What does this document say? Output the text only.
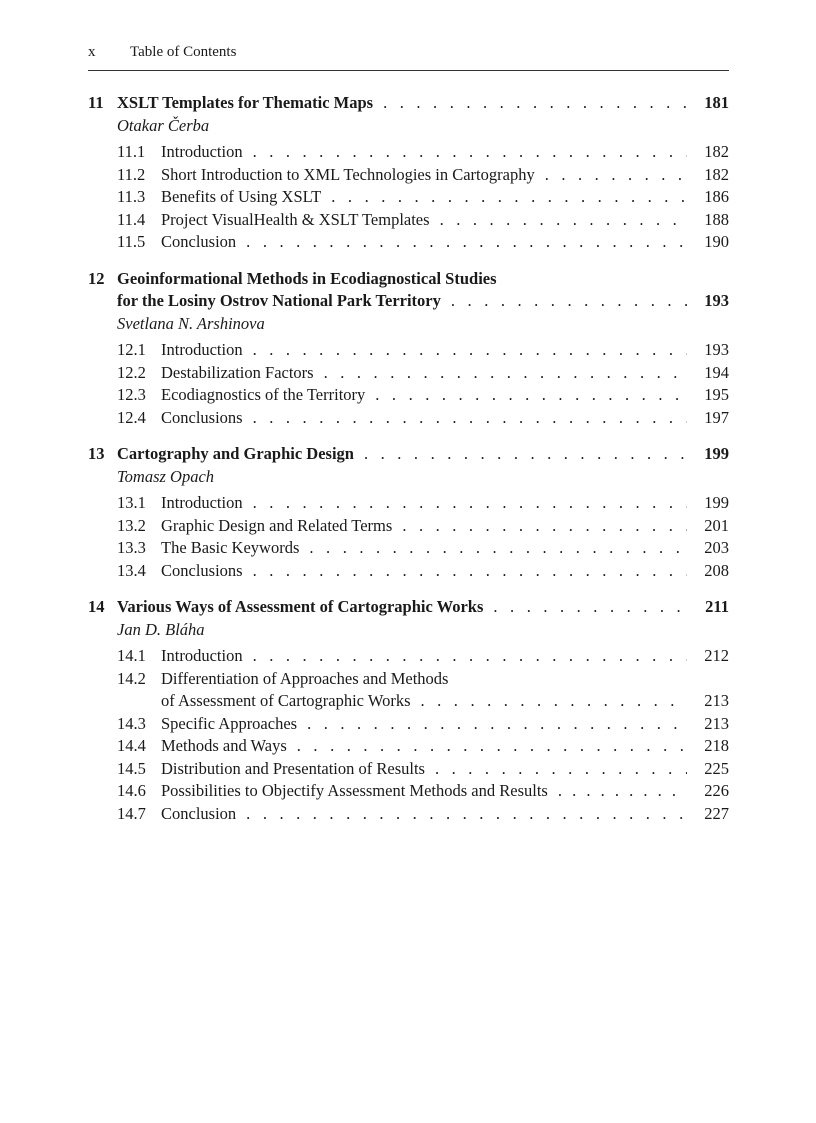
x	Table of Contents
11 XSLT Templates for Thematic Maps . . .	181
Otakar Čerba
11.1 Introduction . . .	182
11.2 Short Introduction to XML Technologies in Cartography . . .	182
11.3 Benefits of Using XSLT . . .	186
11.4 Project VisualHealth & XSLT Templates . . .	188
11.5 Conclusion . . .	190
12 Geoinformational Methods in Ecodiagnostical Studies
for the Losiny Ostrov National Park Territory . . .	193
Svetlana N. Arshinova
12.1 Introduction . . .	193
12.2 Destabilization Factors . . .	194
12.3 Ecodiagnostics of the Territory . . .	195
12.4 Conclusions . . .	197
13 Cartography and Graphic Design . . .	199
Tomasz Opach
13.1 Introduction . . .	199
13.2 Graphic Design and Related Terms . . .	201
13.3 The Basic Keywords . . .	203
13.4 Conclusions . . .	208
14 Various Ways of Assessment of Cartographic Works . . .	211
Jan D. Bláha
14.1 Introduction . . .	212
14.2 Differentiation of Approaches and Methods
of Assessment of Cartographic Works . . .	213
14.3 Specific Approaches . . .	213
14.4 Methods and Ways . . .	218
14.5 Distribution and Presentation of Results . . .	225
14.6 Possibilities to Objectify Assessment Methods and Results . . .	226
14.7 Conclusion . . .	227
